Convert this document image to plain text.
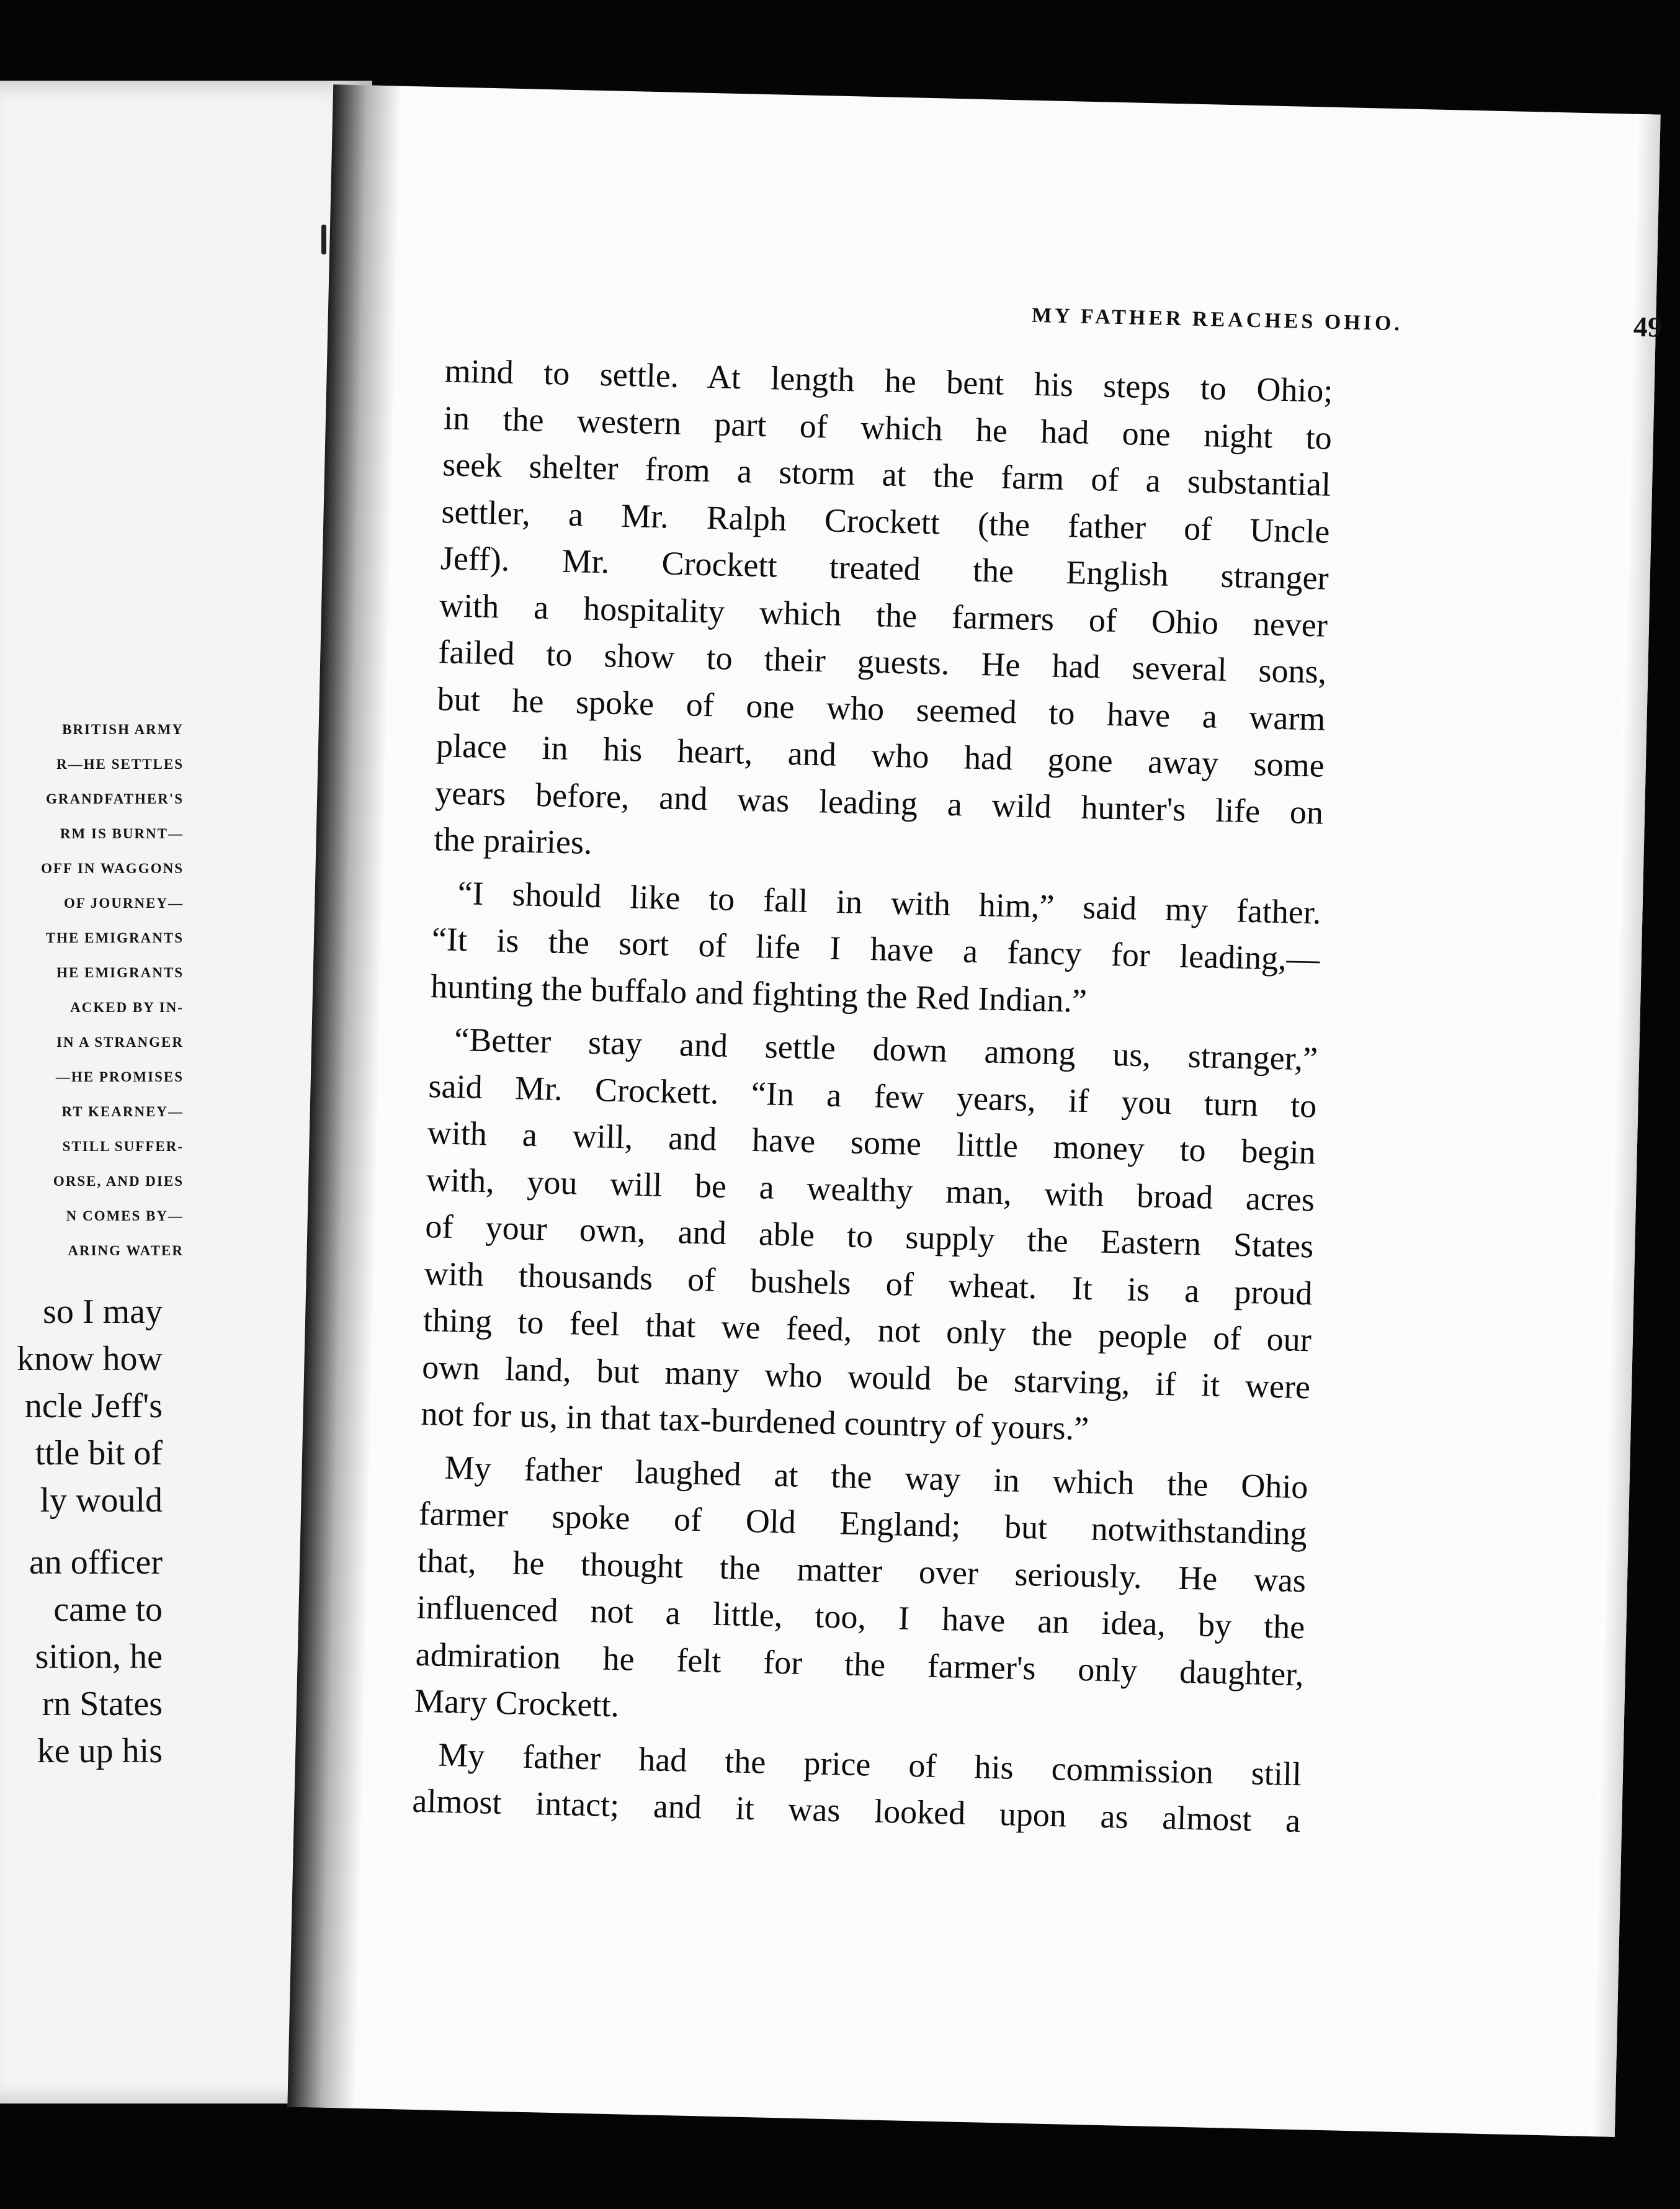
BRITISH ARMY
R—HE SETTLES
GRANDFATHER'S
RM IS BURNT—
OFF IN WAGGONS
OF JOURNEY—
THE EMIGRANTS
HE EMIGRANTS
ACKED BY IN-
IN A STRANGER
—HE PROMISES
RT KEARNEY—
STILL SUFFER-
ORSE, AND DIES
N COMES BY—
ARING WATER
so I may
know how
ncle Jeff's
ttle bit of
ly would
an officer
came to
sition, he
rn States
ke up his
MY FATHER REACHES OHIO.	49
mind to settle. At length he bent his steps to Ohio;
in the western part of which he had one night to
seek shelter from a storm at the farm of a substantial
settler, a Mr. Ralph Crockett (the father of Uncle
Jeff). Mr. Crockett treated the English stranger
with a hospitality which the farmers of Ohio never
failed to show to their guests. He had several sons,
but he spoke of one who seemed to have a warm
place in his heart, and who had gone away some
years before, and was leading a wild hunter's life on
the prairies.
“I should like to fall in with him,” said my father.
“It is the sort of life I have a fancy for leading,—
hunting the buffalo and fighting the Red Indian.”
“Better stay and settle down among us, stranger,”
said Mr. Crockett. “In a few years, if you turn to
with a will, and have some little money to begin
with, you will be a wealthy man, with broad acres
of your own, and able to supply the Eastern States
with thousands of bushels of wheat. It is a proud
thing to feel that we feed, not only the people of our
own land, but many who would be starving, if it were
not for us, in that tax-burdened country of yours.”
My father laughed at the way in which the Ohio
farmer spoke of Old England; but notwithstanding
that, he thought the matter over seriously. He was
influenced not a little, too, I have an idea, by the
admiration he felt for the farmer's only daughter,
Mary Crockett.
My father had the price of his commission still
almost intact; and it was looked upon as almost a
